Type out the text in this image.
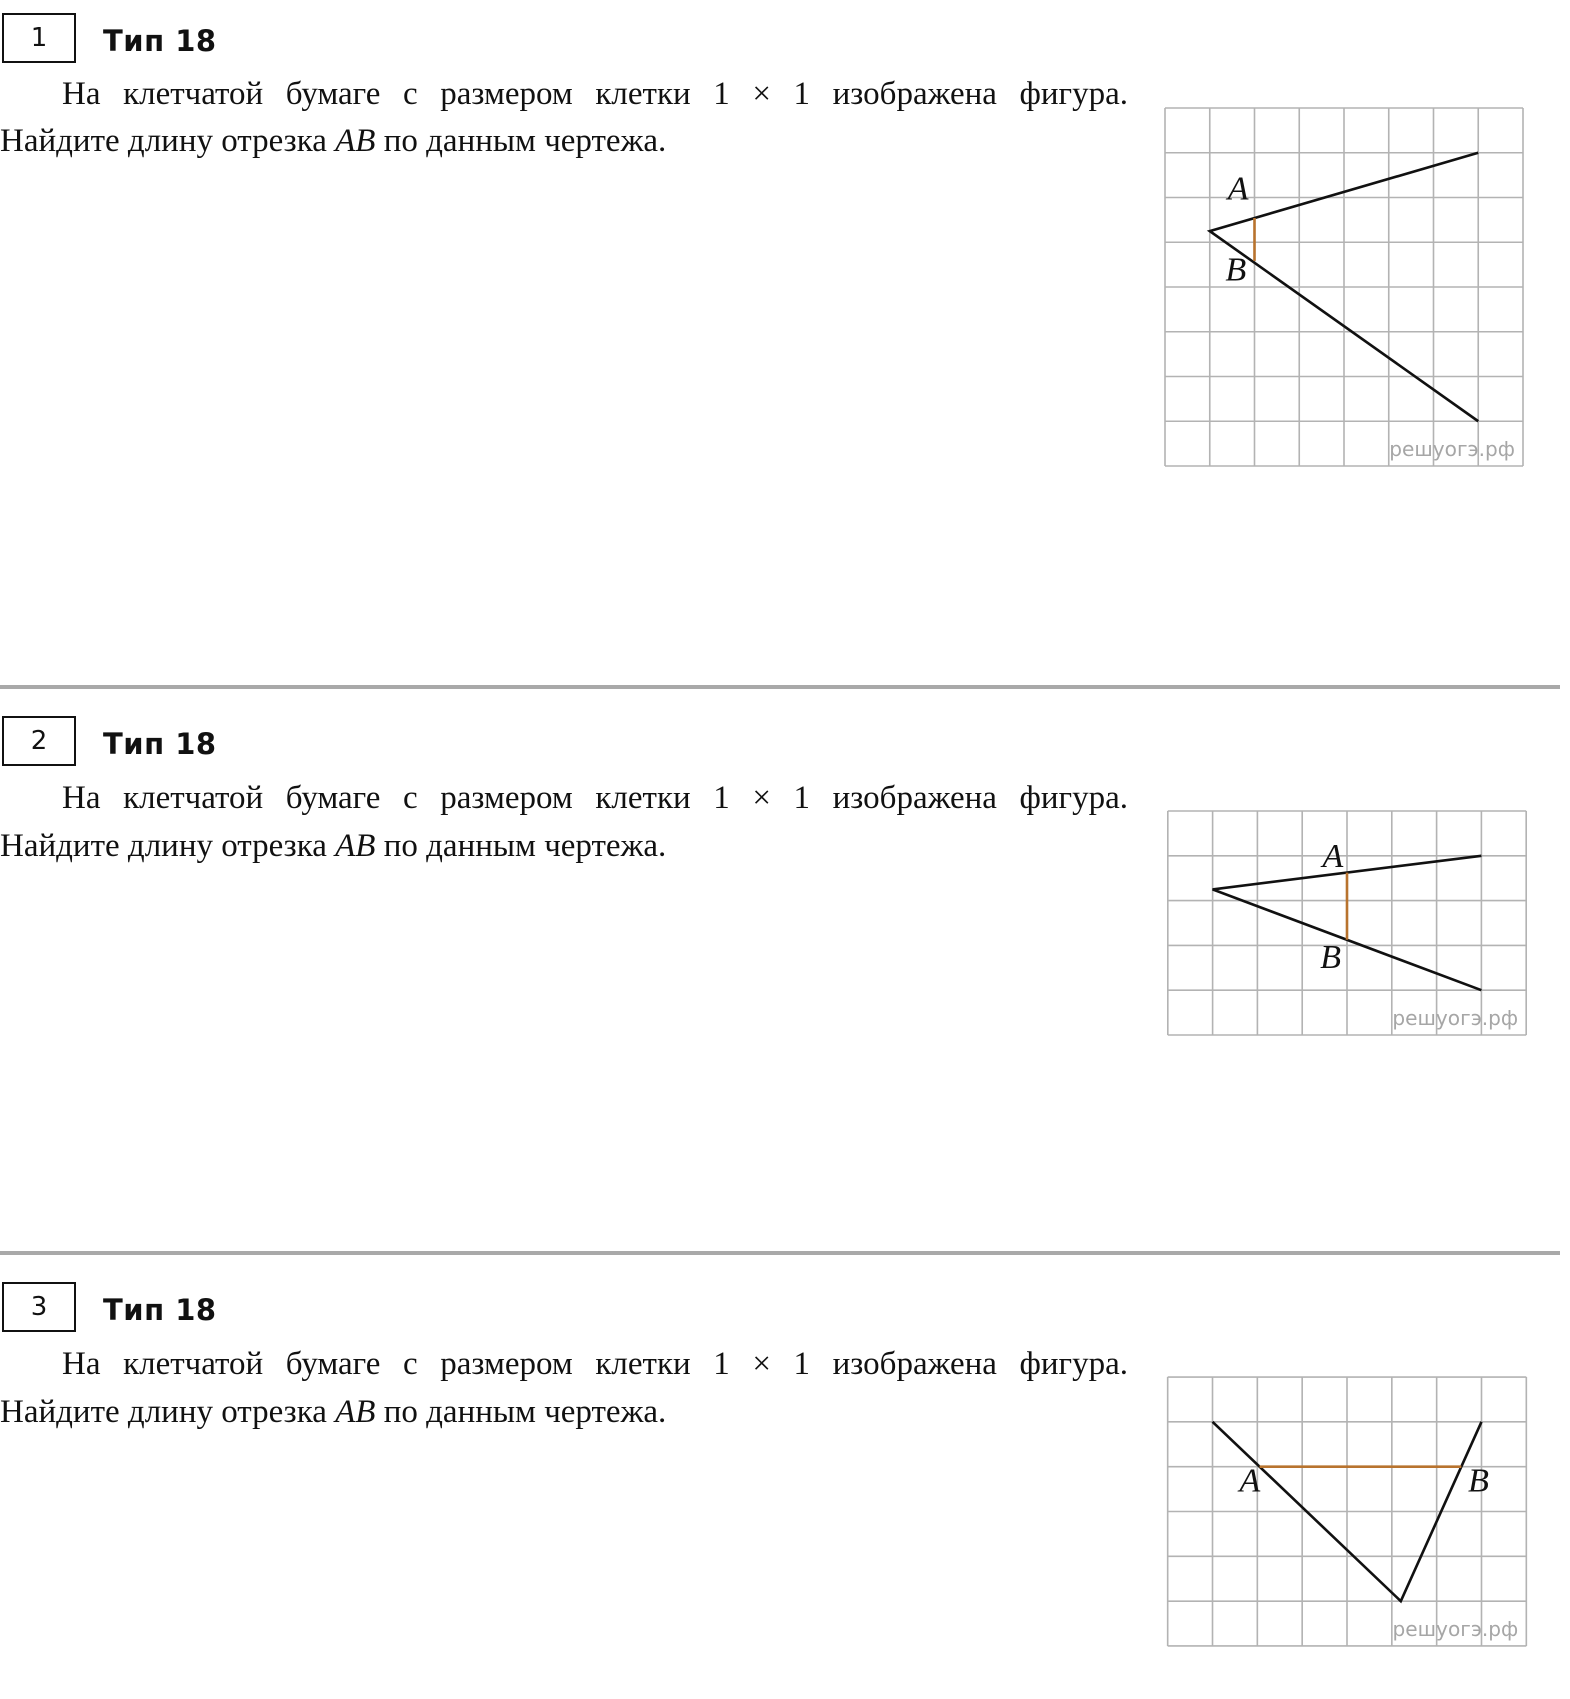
1	Тип 18
На клетчатой бумаге с размером клетки 1 × 1 изображена фигура.
Найдите длину отрезка AB по данным чертежа.
A
B
решуогэ.рф
2	Тип 18
На клетчатой бумаге с размером клетки 1 × 1 изображена фигура.
Найдите длину отрезка AB по данным чертежа.	A
B
решуогэ.рф
3	Тип 18
На клетчатой бумаге с размером клетки 1 × 1 изображена фигура.
Найдите длину отрезка AB по данным чертежа.
A	B
решуогэ.рф
